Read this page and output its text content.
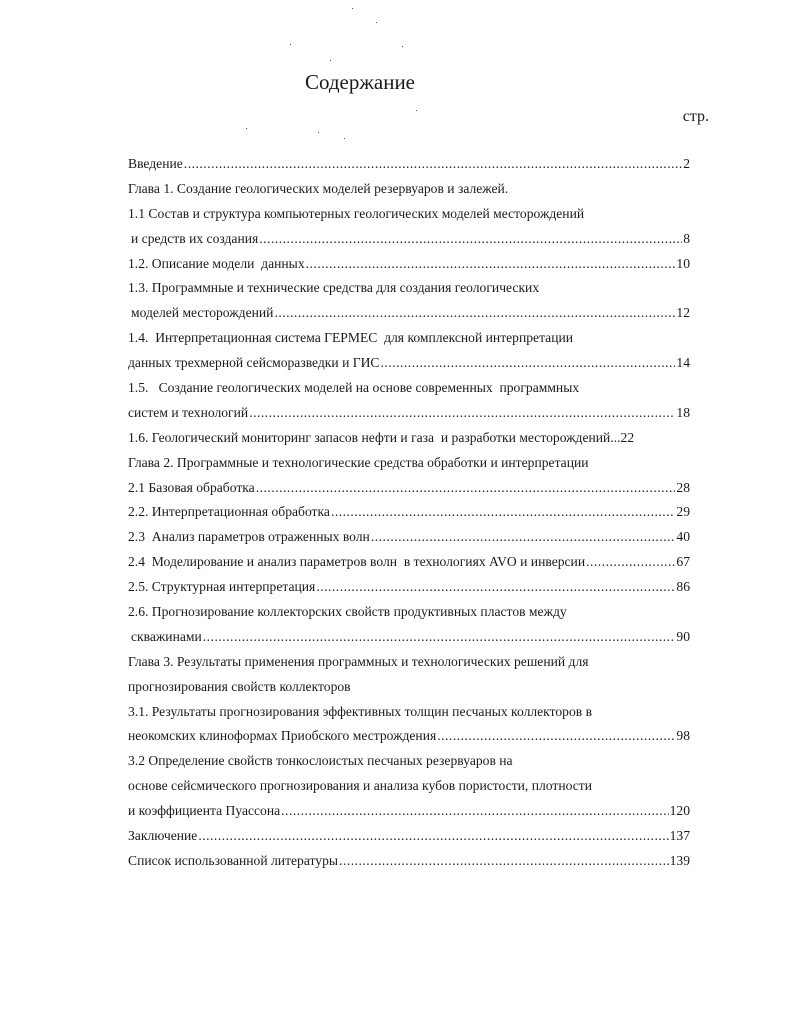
Содержание
стр.
Введение .....	2
Глава 1. Создание геологических моделей резервуаров и залежей.
1.1 Состав и структура компьютерных геологических моделей месторождений
и средств их создания .....	8
1.2. Описание модели  данных .....	10
1.3. Программные и технические средства для создания геологических
моделей месторождений .....	12
1.4.  Интерпретационная система ГЕРМЕС  для комплексной интерпретации
данных трехмерной сейсморазведки и ГИС .....	14
1.5.   Создание геологических моделей на основе современных  программных
систем и технологий .....	18
1.6. Геологический мониторинг запасов нефти и газа  и разработки месторождений... 22
Глава 2. Программные и технологические средства обработки и интерпретации
2.1 Базовая обработка .....	28
2.2. Интерпретационная обработка .....	29
2.3  Анализ параметров отраженных волн .....	40
2.4  Моделирование и анализ параметров волн  в технологиях AVO и инверсии .....	67
2.5. Структурная интерпретация .....	86
2.6. Прогнозирование коллекторских свойств продуктивных пластов между
скважинами .....	90
Глава 3. Результаты применения программных и технологических решений для
прогнозирования свойств коллекторов
3.1. Результаты прогнозирования эффективных толщин песчаных коллекторов в
неокомских клиноформах Приобского местрождения .....	98
3.2 Определение свойств тонкослоистых песчаных резервуаров на
основе сейсмического прогнозирования и анализа кубов пористости, плотности
и коэффициента Пуассона .....	120
Заключение .....	137
Список использованной литературы .....	139
